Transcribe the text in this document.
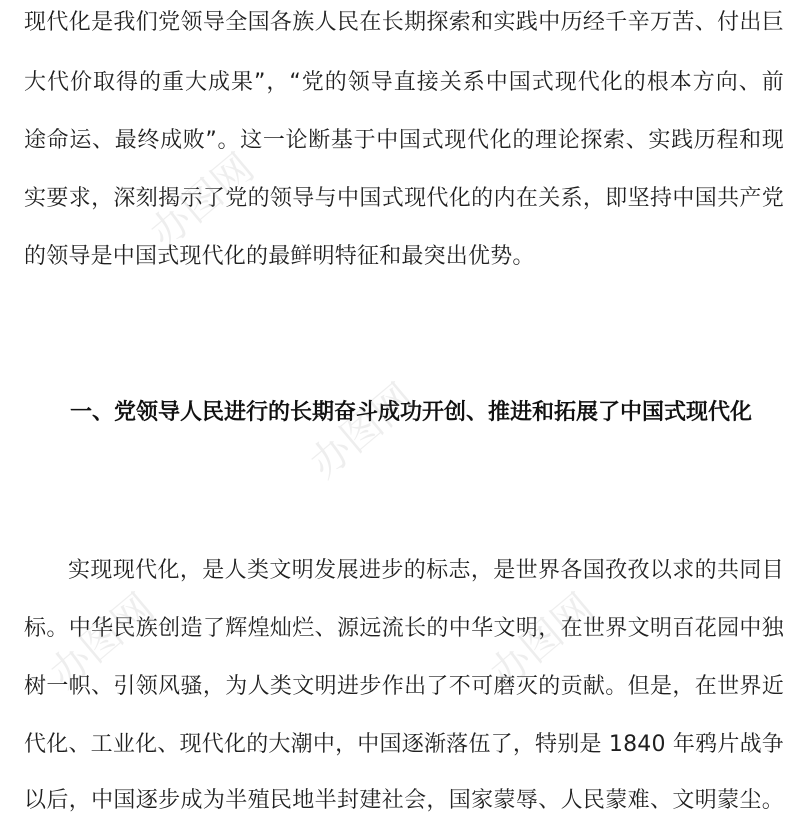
现代化是我们党领导全国各族人民在长期探索和实践中历经千辛万苦、付出巨
大代价取得的重大成果”，“党的领导直接关系中国式现代化的根本方向、前
途命运、最终成败”。这一论断基于中国式现代化的理论探索、实践历程和现
实要求，深刻揭示了党的领导与中国式现代化的内在关系，即坚持中国共产党
的领导是中国式现代化的最鲜明特征和最突出优势。
一、党领导人民进行的长期奋斗成功开创、推进和拓展了中国式现代化
实现现代化，是人类文明发展进步的标志，是世界各国孜孜以求的共同目
标。中华民族创造了辉煌灿烂、源远流长的中华文明，在世界文明百花园中独
树一帜、引领风骚，为人类文明进步作出了不可磨灭的贡献。但是，在世界近
代化、工业化、现代化的大潮中，中国逐渐落伍了，特别是 1840 年鸦片战争
以后，中国逐步成为半殖民地半封建社会，国家蒙辱、人民蒙难、文明蒙尘。
办图网
办图网
办图网	办图网
